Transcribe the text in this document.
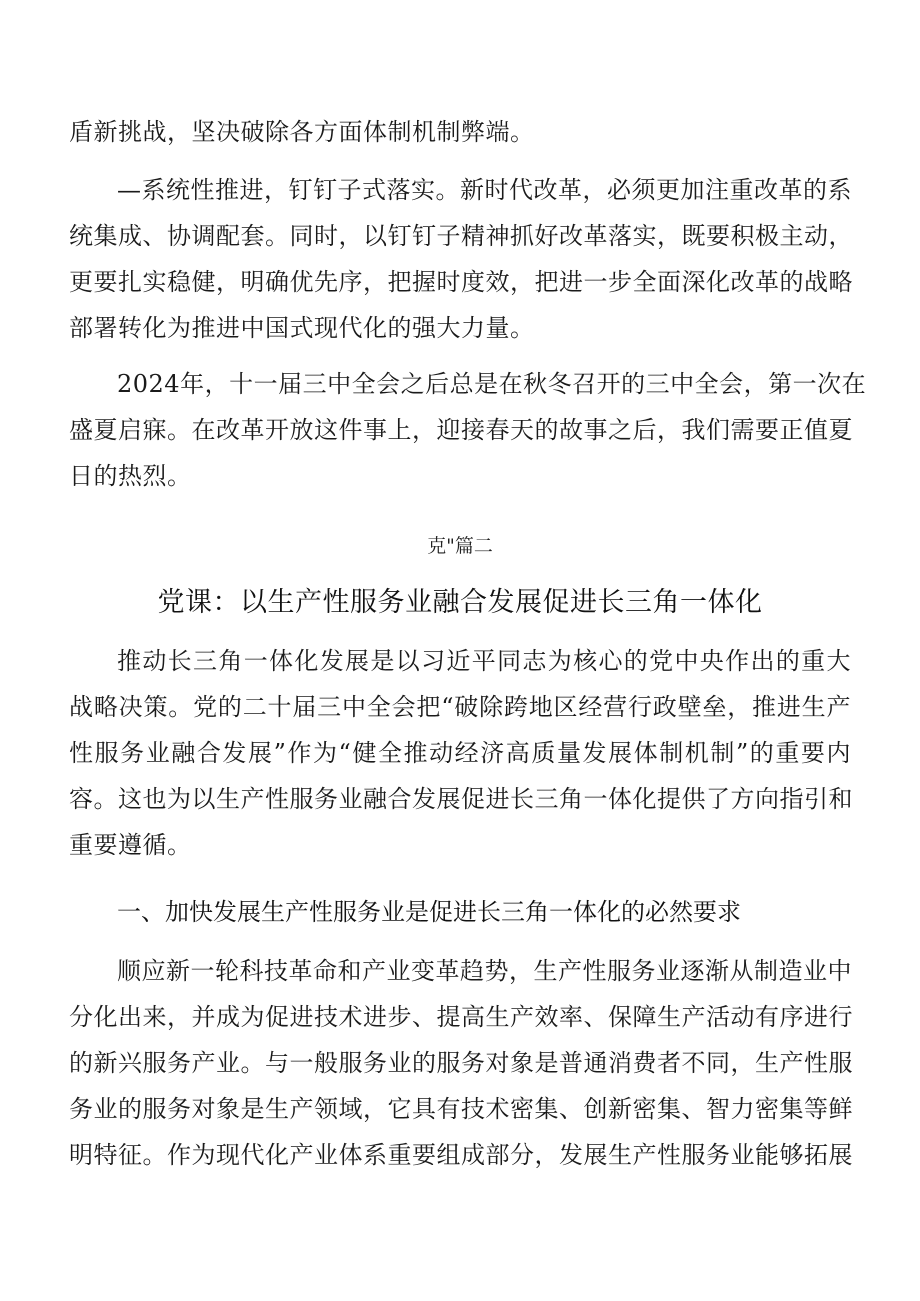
盾新挑战，坚决破除各方面体制机制弊端。
—系统性推进，钉钉子式落实。新时代改革，必须更加注重改革的系
统集成、协调配套。同时，以钉钉子精神抓好改革落实，既要积极主动，
更要扎实稳健，明确优先序，把握时度效，把进一步全面深化改革的战略
部署转化为推进中国式现代化的强大力量。
2024年，十一届三中全会之后总是在秋冬召开的三中全会，第一次在
盛夏启寐。在改革开放这件事上，迎接春天的故事之后，我们需要正值夏
日的热烈。
克"篇二
党课：以生产性服务业融合发展促进长三角一体化
推动长三角一体化发展是以习近平同志为核心的党中央作出的重大
战略决策。党的二十届三中全会把“破除跨地区经营行政壁垒，推进生产
性服务业融合发展”作为“健全推动经济高质量发展体制机制”的重要内
容。这也为以生产性服务业融合发展促进长三角一体化提供了方向指引和
重要遵循。
一、加快发展生产性服务业是促进长三角一体化的必然要求
顺应新一轮科技革命和产业变革趋势，生产性服务业逐渐从制造业中
分化出来，并成为促进技术进步、提高生产效率、保障生产活动有序进行
的新兴服务产业。与一般服务业的服务对象是普通消费者不同，生产性服
务业的服务对象是生产领域，它具有技术密集、创新密集、智力密集等鲜
明特征。作为现代化产业体系重要组成部分，发展生产性服务业能够拓展
